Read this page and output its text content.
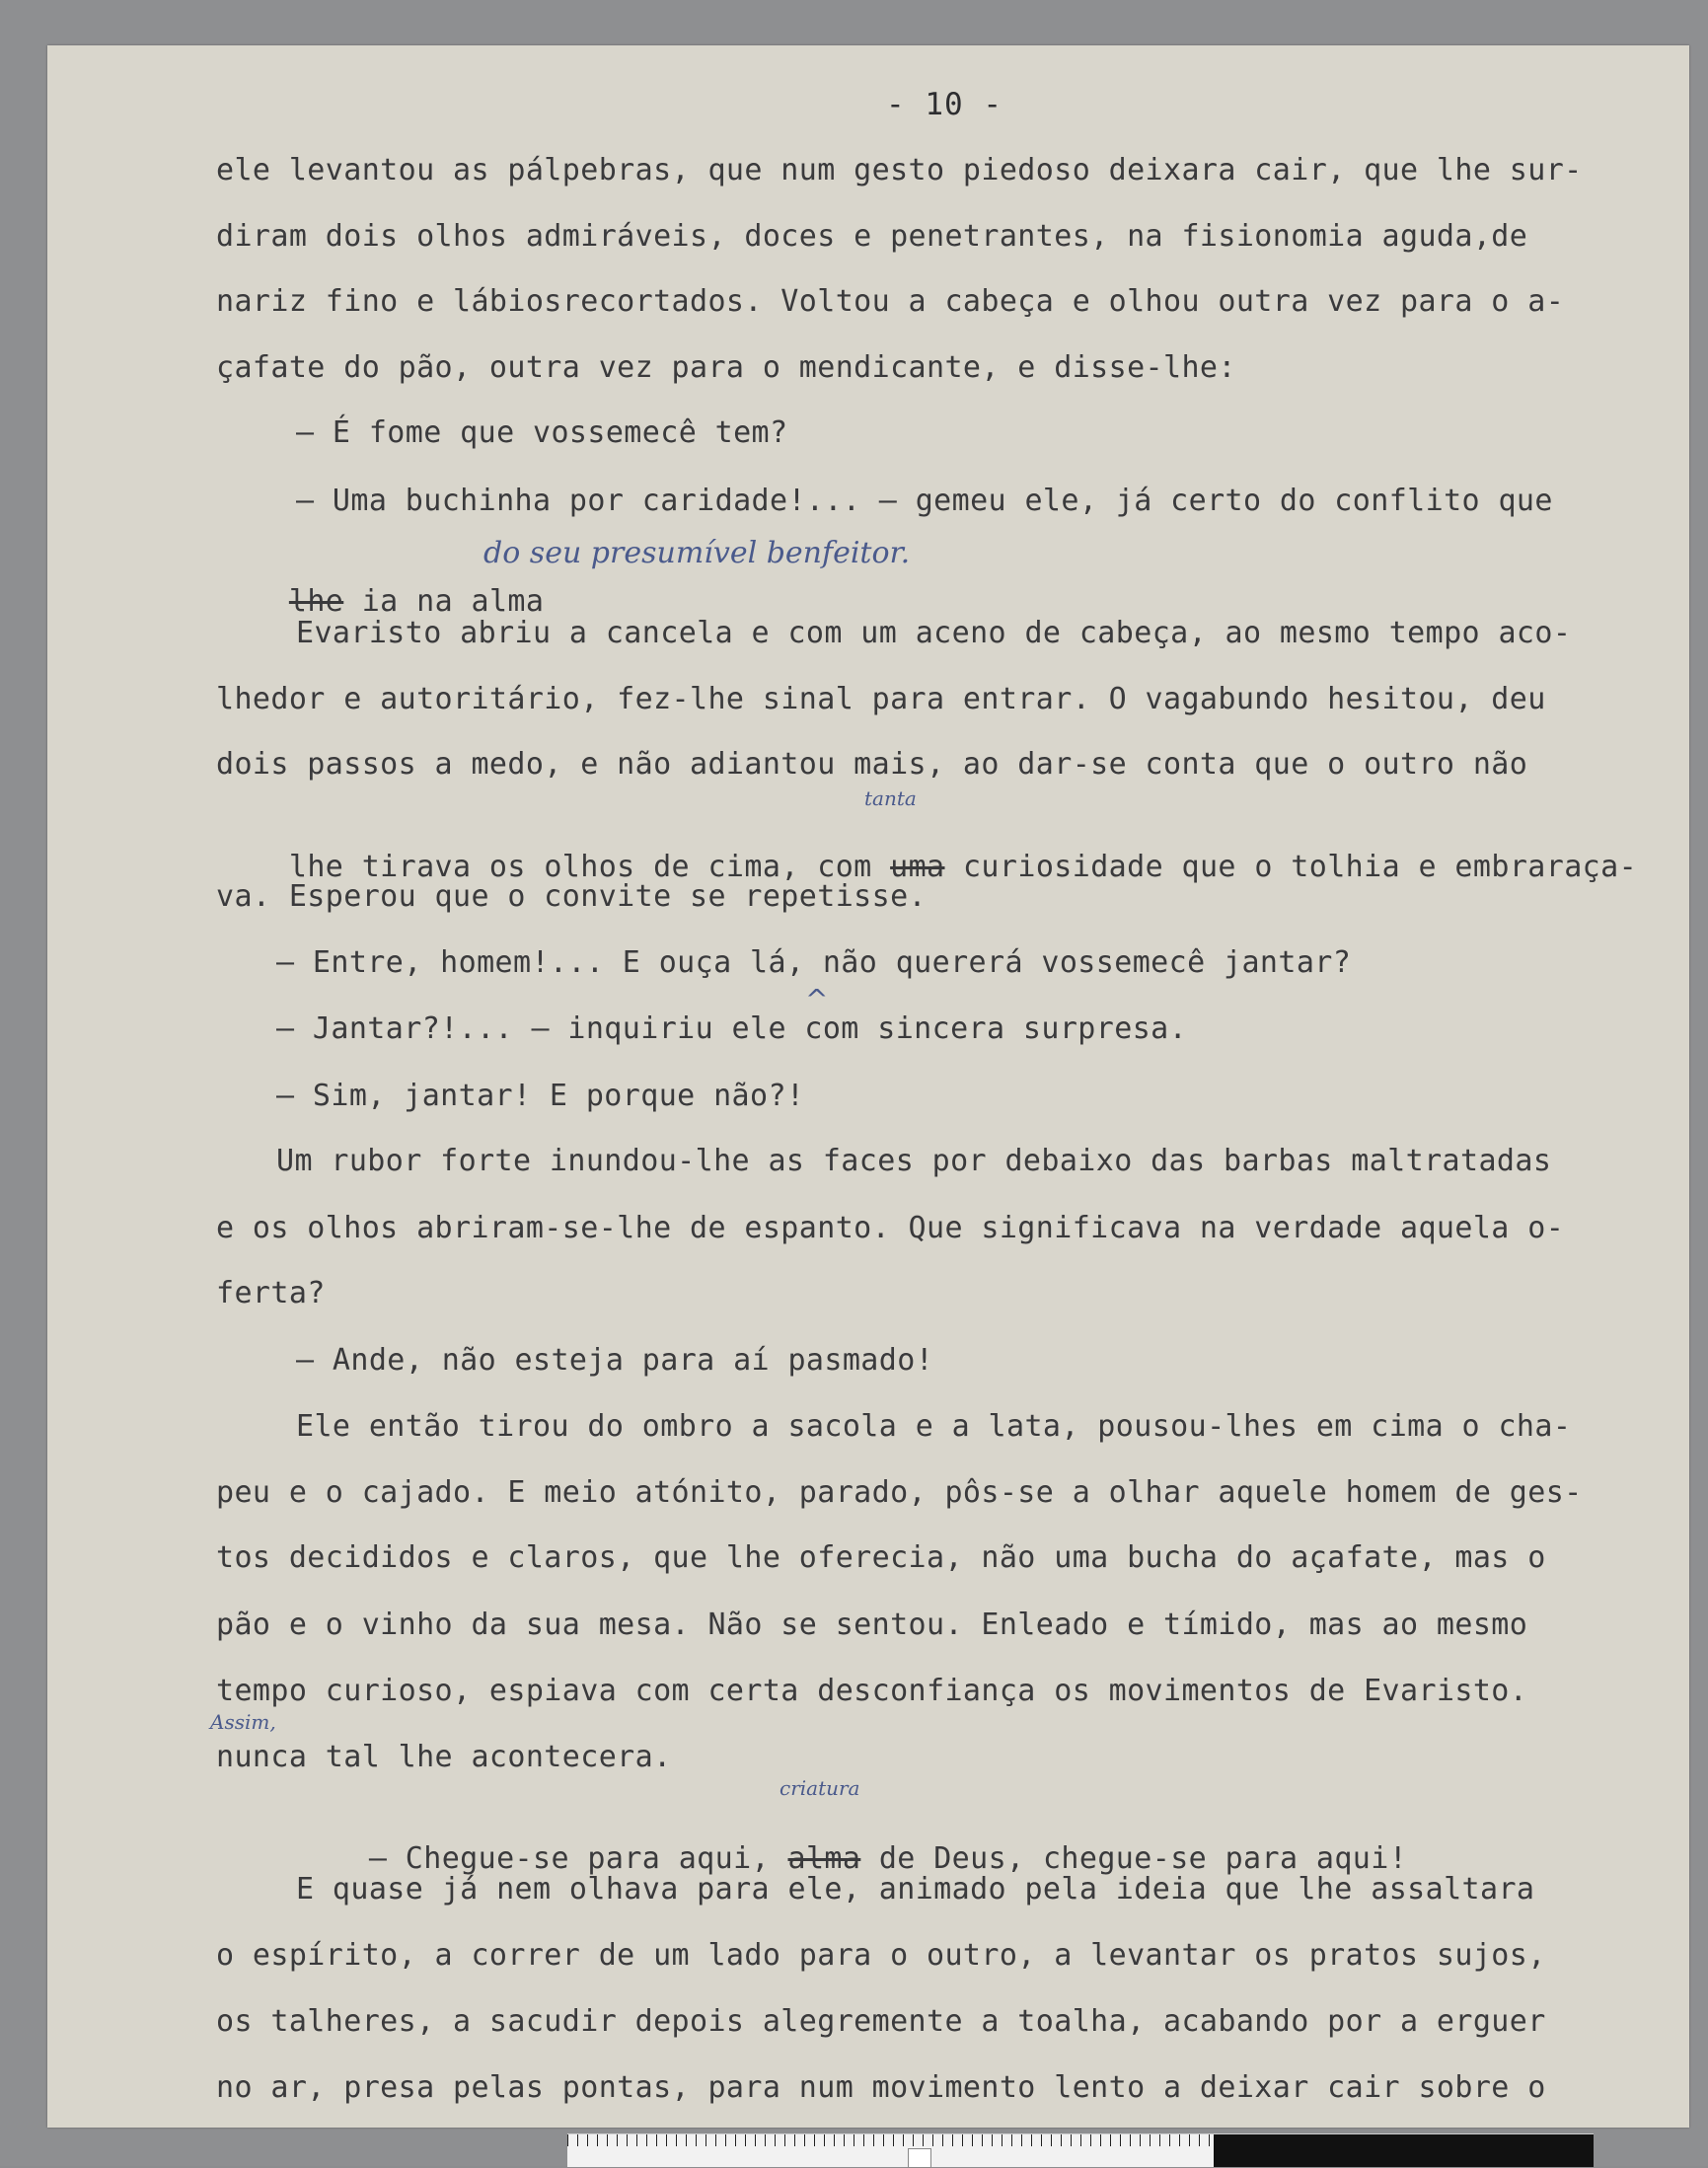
- 10 -
ele levantou as pálpebras, que num gesto piedoso deixara cair, que lhe sur-
diram dois olhos admiráveis, doces e penetrantes, na fisionomia aguda,de
nariz fino e lábiosrecortados. Voltou a cabeça e olhou outra vez para o a-
çafate do pão, outra vez para o mendicante, e disse-lhe:
— É fome que vossemecê tem?
— Uma buchinha por caridade!... — gemeu ele, já certo do conflito que

lhe ia na alma

do seu presumível benfeitor.
Evaristo abriu a cancela e com um aceno de cabeça, ao mesmo tempo aco-
lhedor e autoritário, fez-lhe sinal para entrar. O vagabundo hesitou, deu
dois passos a medo, e não adiantou mais, ao dar-se conta que o outro não

lhe tirava os olhos de cima, com uma curiosidade que o tolhia e embraraça-

tanta
va. Esperou que o convite se repetisse.
— Entre, homem!... E ouça lá, não quererá vossemecê jantar?
— Jantar?!... — inquiriu ele com sincera surpresa.
^
— Sim, jantar! E porque não?!
Um rubor forte inundou-lhe as faces por debaixo das barbas maltratadas
e os olhos abriram-se-lhe de espanto. Que significava na verdade aquela o-
ferta?
— Ande, não esteja para aí pasmado!
Ele então tirou do ombro a sacola e a lata, pousou-lhes em cima o cha-
peu e o cajado. E meio atónito, parado, pôs-se a olhar aquele homem de ges-
tos decididos e claros, que lhe oferecia, não uma bucha do açafate, mas o
pão e o vinho da sua mesa. Não se sentou. Enleado e tímido, mas ao mesmo
tempo curioso, espiava com certa desconfiança os movimentos de Evaristo.
nunca tal lhe acontecera.
Assim,

— Chegue-se para aqui, alma de Deus, chegue-se para aqui!

criatura
E quase já nem olhava para ele, animado pela ideia que lhe assaltara
o espírito, a correr de um lado para o outro, a levantar os pratos sujos,
os talheres, a sacudir depois alegremente a toalha, acabando por a erguer
no ar, presa pelas pontas, para num movimento lento a deixar cair sobre o
